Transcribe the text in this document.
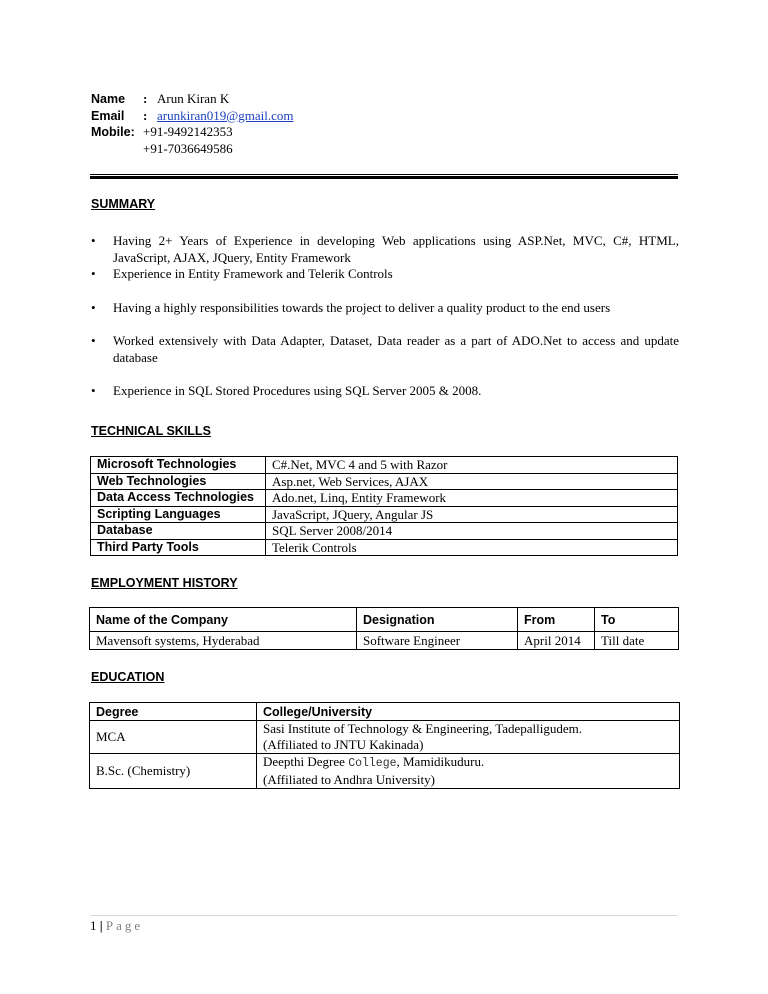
Name	: Arun Kiran K
Email	: arunkiran019@gmail.com
Mobile: +91-9492142353
+91-7036649586
SUMMARY
• Having 2+ Years of Experience in developing Web applications using ASP.Net, MVC, C#, HTML, JavaScript, AJAX, JQuery, Entity Framework
• Experience in Entity Framework and Telerik Controls
• Having a highly responsibilities towards the project to deliver a quality product to the end users
• Worked extensively with Data Adapter, Dataset, Data reader as a part of ADO.Net to access and update database
• Experience in SQL Stored Procedures using SQL Server 2005 & 2008.
TECHNICAL SKILLS
Microsoft Technologies	C#.Net, MVC 4 and 5 with Razor
Web Technologies	Asp.net, Web Services, AJAX
Data Access Technologies	Ado.net, Linq, Entity Framework
Scripting Languages	JavaScript, JQuery, Angular JS
Database	SQL Server 2008/2014
Third Party Tools	Telerik Controls
EMPLOYMENT HISTORY
Name of the Company	Designation	From	To
Mavensoft systems, Hyderabad	Software Engineer	April 2014	Till date
EDUCATION
Degree	College/University
MCA	Sasi Institute of Technology & Engineering, Tadepalligudem.
(Affiliated to JNTU Kakinada)

B.Sc. (Chemistry)	Deepthi Degree College, Mamidikuduru.
(Affiliated to Andhra University)
1 | Page
